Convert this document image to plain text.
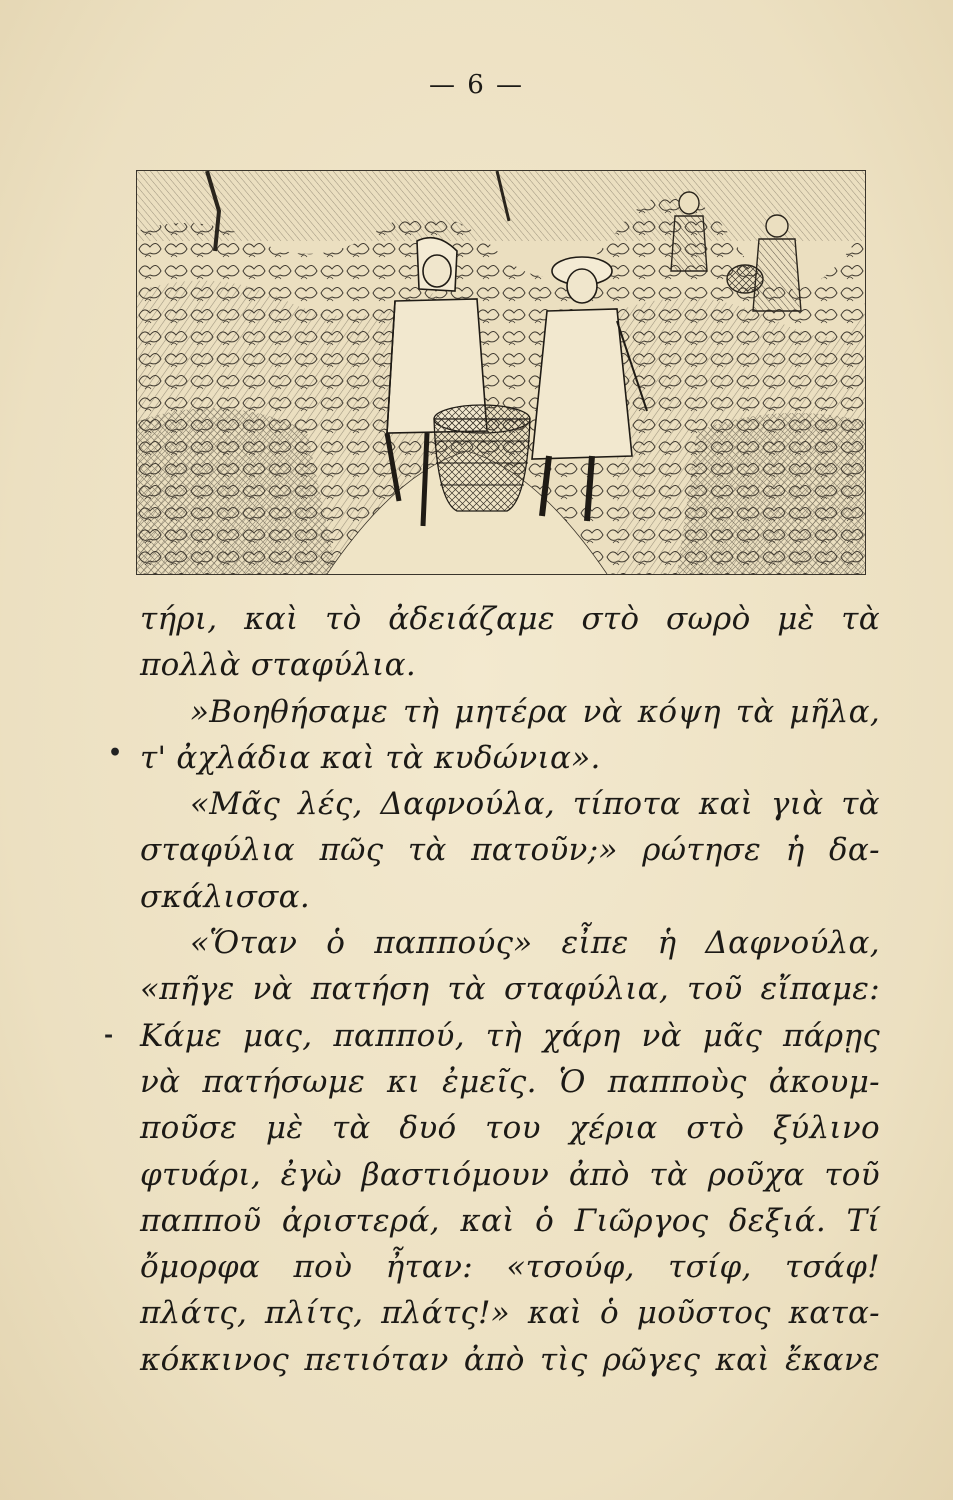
— 6 —
•
-
τήρι, καὶ τὸ ἀδειάζαμε στὸ σωρὸ μὲ τὰ
πολλὰ σταφύλια.
»Βοηθήσαμε τὴ μητέρα νὰ κόψη τὰ μῆλα,
τ' ἀχλάδια καὶ τὰ κυδώνια».
«Μᾶς λές, Δαφνούλα, τίποτα καὶ γιὰ τὰ
σταφύλια πῶς τὰ πατοῦν;» ρώτησε ἡ δα-
σκάλισσα.
«Ὅταν ὁ παππούς» εἶπε ἡ Δαφνούλα,
«πῆγε νὰ πατήση τὰ σταφύλια, τοῦ εἴπαμε:
Κάμε μας, παππού, τὴ χάρη νὰ μᾶς πάρῃς
νὰ πατήσωμε κι ἐμεῖς. Ὁ παπποὺς ἀκουμ-
ποῦσε μὲ τὰ δυό του χέρια στὸ ξύλινο
φτυάρι, ἐγὼ βαστιόμουν ἀπὸ τὰ ροῦχα τοῦ
παπποῦ ἀριστερά, καὶ ὁ Γιῶργος δεξιά. Τί
ὄμορφα ποὺ ἦταν: «τσούφ, τσίφ, τσάφ!
πλάτς, πλίτς, πλάτς!» καὶ ὁ μοῦστος κατα-
κόκκινος πετιόταν ἀπὸ τὶς ρῶγες καὶ ἔκανε
